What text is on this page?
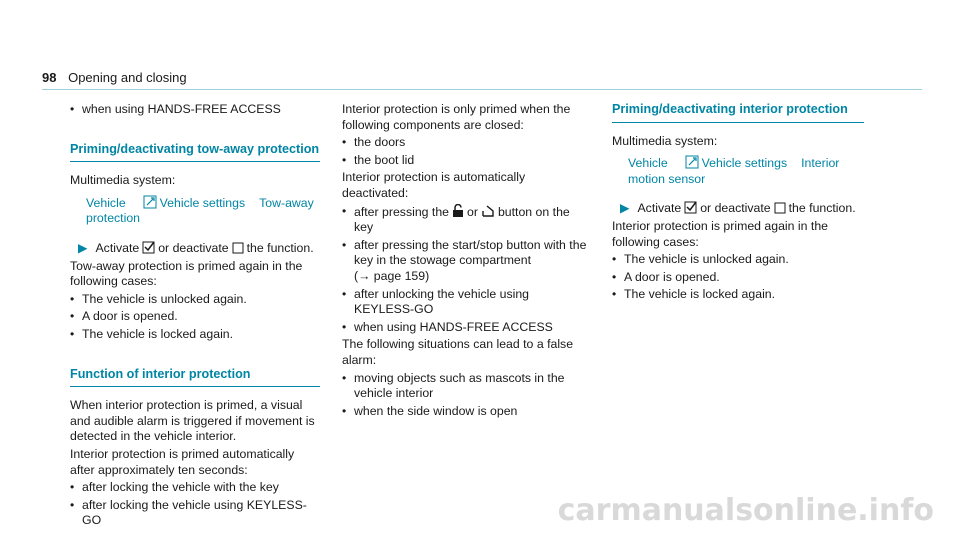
98 Opening and closing
• when using HANDS-FREE ACCESS
Priming/deactivating tow-away protection
Multimedia system:
Vehicle	Vehicle settings Tow-away protection
▶ Activate or deactivate the function.
Tow-away protection is primed again in the following cases:
• The vehicle is unlocked again.
• A door is opened.
• The vehicle is locked again.
Function of interior protection
When interior protection is primed, a visual and audible alarm is triggered if movement is detected in the vehicle interior.
Interior protection is primed automatically after approximately ten seconds:
• after locking the vehicle with the key
• after locking the vehicle using KEYLESS-GO
Interior protection is only primed when the following components are closed:
• the doors
• the boot lid
Interior protection is automatically deactivated:
• after pressing the or button on the key
• after pressing the start/stop button with the key in the stowage compartment
(→ page 159)
• after unlocking the vehicle using KEYLESS-GO
• when using HANDS-FREE ACCESS
The following situations can lead to a false alarm:
• moving objects such as mascots in the vehicle interior
• when the side window is open
Priming/deactivating interior protection
Multimedia system:
Vehicle	Vehicle settings Interior motion sensor
▶ Activate or deactivate the function.
Interior protection is primed again in the following cases:
• The vehicle is unlocked again.
• A door is opened.
• The vehicle is locked again.
carmanualsonline.info
